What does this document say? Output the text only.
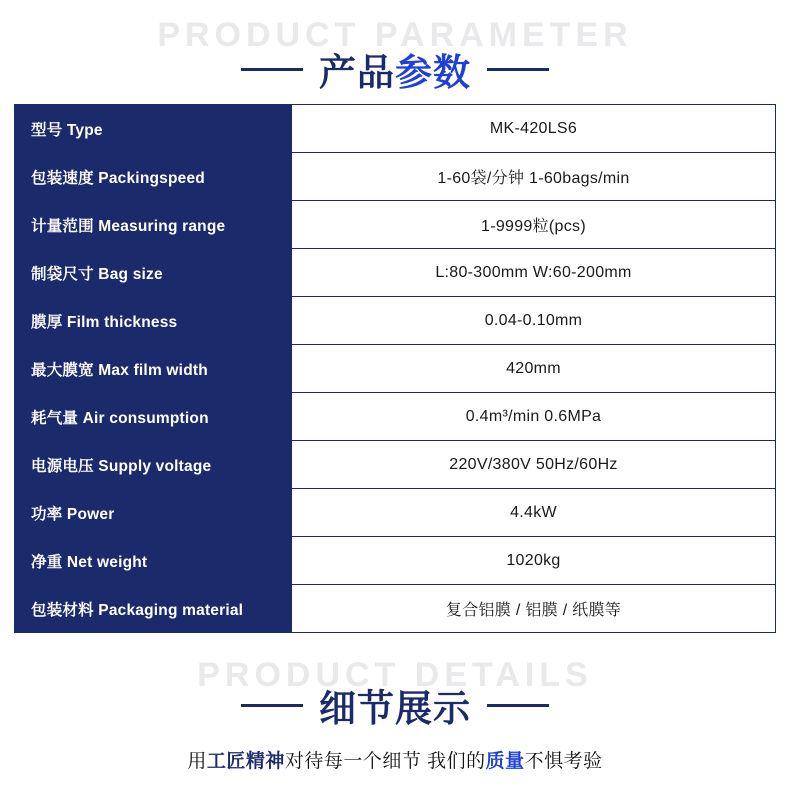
PRODUCT PARAMETER
产品参数
型号 Type	MK-420LS6
包装速度 Packingspeed	1-60袋/分钟 1-60bags/min
计量范围 Measuring range	1-9999粒(pcs)
制袋尺寸 Bag size	L:80-300mm W:60-200mm
膜厚 Film thickness	0.04-0.10mm
最大膜宽 Max film width	420mm
耗气量 Air consumption	0.4m³/min 0.6MPa
电源电压 Supply voltage	220V/380V 50Hz/60Hz
功率 Power	4.4kW
净重 Net weight	1020kg
包装材料 Packaging material	复合铝膜 / 铝膜 / 纸膜等
PRODUCT DETAILS
细节展示
用工匠精神对待每一个细节 我们的质量不惧考验
